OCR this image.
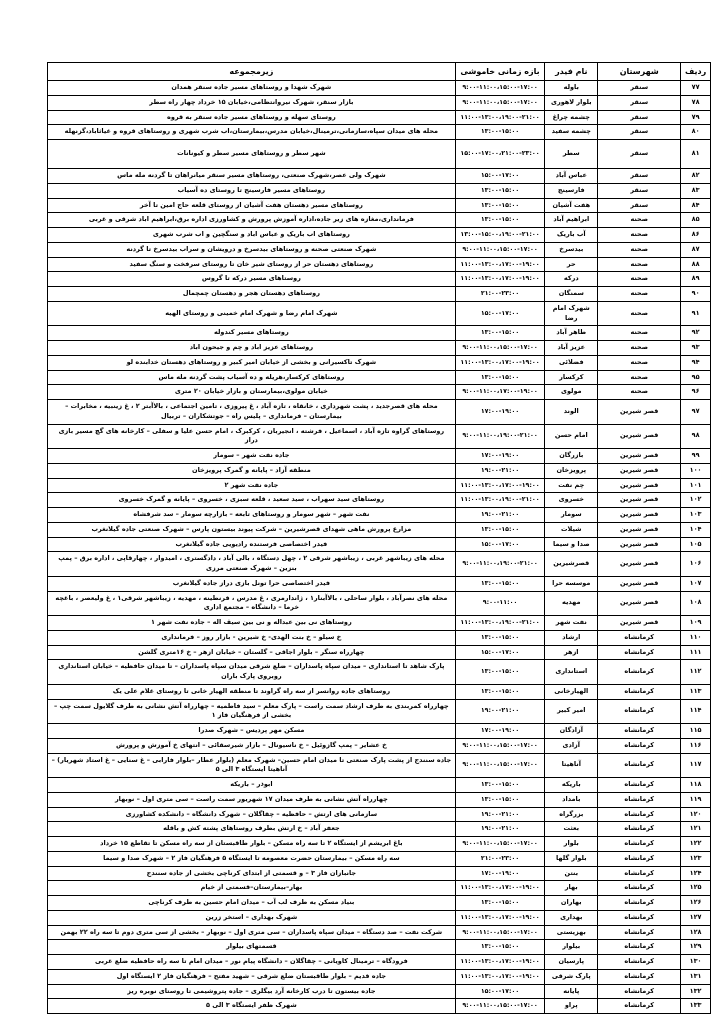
ردیف	شهرستان	نام فیدر	بازه زمانی خاموشی	زیرمجموعه
۷۷	سنقر	باوله	۹:۰۰-۱۱:۰۰،۱۵:۰۰-۱۷:۰۰	شهرک شهدا و روستاهای مسیر جاده سنقر همدان
۷۸	سنقر	بلوار لاهوری	۹:۰۰-۱۱:۰۰،۱۵:۰۰-۱۷:۰۰	بازار سنقر، شهرک نیروانتظامی،خیابان ۱۵ خرداد چهار راه سطر
۷۹	سنقر	چشمه چراغ	۱۱:۰۰-۱۳:۰۰،۱۹:۰۰-۲۱:۰۰	روستای سهله و روستاهای مسیر جاده سنقر به قروه
۸۰	سنقر	چشمه سفید	۱۳:۰۰-۱۵:۰۰	محله های میدان سپاه،سازمانی،ترمینال،خیابان مدرس،بیمارستان،اب شرب شهری و روستاهای قروه و غیاثاباد،گزنهله
۸۱	سنقر	سطر	۱۵:۰۰-۱۷:۰۰،۲۱:۰۰-۲۳:۰۰	شهر سطر و روستاهای مسیر سطر و کیونانات
۸۲	سنقر	عباس آباد	۱۵:۰۰-۱۷:۰۰	شهرک ولی عصر،شهرک صنعتی، روستاهای مسیر سنقر میانراهان تا گردنه مله ماس
۸۳	سنقر	فارسینج	۱۳:۰۰-۱۵:۰۰	روستاهای مسیر فارسینج تا روستای ده آسیاب
۸۴	سنقر	هفت آشیان	۱۳:۰۰-۱۵:۰۰	روستاهای مسیر دهستان هفت آشیان از روستای قلعه حاج امین تا آخر
۸۵	صحنه	ابراهیم آباد	۱۳:۰۰-۱۵:۰۰	فرمانداری،مغازه های زیر جاده،اداره آموزش پرورش و کشاورزی اداره برق،ابراهیم اباد شرقی و غربی
۸۶	صحنه	آب باریک	۱۳:۰۰-۱۵:۰۰،۱۹:۰۰-۲۱:۰۰	روستاهای اب باریک و عباس اباد و سنگچین و اب شرب شهری
۸۷	صحنه	بیدسرخ	۹:۰۰-۱۱:۰۰،۱۵:۰۰-۱۷:۰۰	شهرک صنعتی صحنه و روستاهای بیدسرخ و درویشان و سراب بیدسرخ تا گردنه
۸۸	صحنه	حر	۱۱:۰۰-۱۳:۰۰،۱۷:۰۰-۱۹:۰۰	روستاهای دهستان حر از روستای شیر خان تا روستای سرفخت و سنگ سفید
۸۹	صحنه	درکه	۱۱:۰۰-۱۳:۰۰،۱۷:۰۰-۱۹:۰۰	روستاهای مسیر درکه تا گروس
۹۰	صحنه	سمنگان	۲۱:۰۰-۲۳:۰۰	روستاهای دهستان هجر و دهستان چمچمال
۹۱	صحنه	شهرک امام رضا	۱۵:۰۰-۱۷:۰۰	شهرک امام رضا و شهرک امام خمینی و روستای الهیه
۹۲	صحنه	طاهر آباد	۱۳:۰۰-۱۵:۰۰	روستاهای مسیر کندوله
۹۳	صحنه	عزیز آباد	۹:۰۰-۱۱:۰۰،۱۵:۰۰-۱۷:۰۰	روستاهای عزیز اباد و چم و جیحون اباد
۹۴	صحنه	فضلائی	۱۱:۰۰-۱۳:۰۰،۱۷:۰۰-۱۹:۰۰	شهرک تاکسیرانی و بخشی از خیابان امیر کبیر و روستاهای دهستان خدابنده لو
۹۵	صحنه	کرکسار	۱۳:۰۰-۱۵:۰۰	روستاهای کرکسار،هریله و ده آسیاب پشت گردنه مله ماس
۹۶	صحنه	مولوی	۹:۰۰-۱۱:۰۰،۱۷:۰۰-۱۹:۰۰	خیابان مولوی،بیمارستان و بازار خیابان ۲۰ متری
۹۷	قصر شیرین	الوند	۱۷:۰۰-۱۹:۰۰	محله های قصرجدید ، پشت شهرداری ، خانقاه ، تازه آباد ، غ پیروزی ، تامین اجتماعی ، بالاآبتر ۲ ، غ زینبیه ، مخابرات –بیمارستان – فرمانداری – پلیس راه – جوتشکاران – تربیال
۹۸	قصر شیرین	امام حسن	۹:۰۰-۱۱:۰۰،۱۹:۰۰-۲۱:۰۰	روستاهای گراوه تازه آباد ، اسماعیل ، فرشته ، انجیربان ، کرکبرک ، امام حسن علیا و سفلی – کارخانه های گچ مسیر بازی دراز
۹۹	قصر شیرین	بازرگان	۱۷:۰۰-۱۹:۰۰	جاده نفت شهر – سومار
۱۰۰	قصر شیرین	پرویزخان	۱۹:۰۰-۲۱:۰۰	منطقه آزاد – پایانه و گمرک پرویزخان
۱۰۱	قصر شیرین	چم نفت	۱۱:۰۰-۱۳:۰۰،۱۷:۰۰-۱۹:۰۰	جاده نفت شهر ۲
۱۰۲	قصر شیرین	خسروی	۱۱:۰۰-۱۳:۰۰،۱۹:۰۰-۲۱:۰۰	روستاهای سید سهراب ، سید سعید ، قلعه سبزی ، خسروی – پایانه و گمرک خسروی
۱۰۳	قصر شیرین	سومار	۱۹:۰۰-۲۱:۰۰	نفت شهر – شهر سومار و روستاهای تابعه – بازارچه سومار – سد شرفشاه
۱۰۴	قصر شیرین	شیلات	۱۳:۰۰-۱۵:۰۰	مزارع پرورش ماهی شهدای قصرشیرین – شرکت پیوند بیستون پارس – شهرک صنعتی جاده گیلانغرب
۱۰۵	قصر شیرین	صدا و سیما	۱۵:۰۰-۱۷:۰۰	فیدر اختصاصی فرستنده رادیویی جاده گیلانغرب
۱۰۶	قصر شیرین	قصرشیرین	۹:۰۰-۱۱:۰۰،۱۹:۰۰-۲۱:۰۰	محله های زیباشهر غربی ، زیباشهر شرقی ۲ ، چهل دستگاه ، بالی آباد ، دادگستری ، امیدوار ، چهارقاپی ، اداره برق – پمپ بنزین – شهرک صنعتی مرزی
۱۰۷	قصر شیرین	موسسه حرا	۱۳:۰۰-۱۵:۰۰	فیدر اختصاصی حرا تونل بازی دراز جاده گیلانغرب
۱۰۸	قصر شیرین	مهدیه	۹:۰۰-۱۱:۰۰	محله های نصرآباد ، بلوار ساحلی ، بالاآبنار۱ ، ژاندارمری ، غ مدرس ، قرنطینه ، مهدیه ، زیباشهر شرقی۱ ، غ ولیعصر ، باغچه خرما – دانشگاه – مجتمع اداری
۱۰۹	قصر شیرین	نفت شهر	۱۱:۰۰-۱۳:۰۰،۱۹:۰۰-۲۱:۰۰	روستاهای نی بین عبداله و نی بین سیف اله – جاده نفت شهر ۱
۱۱۰	کرمانشاه	ارشاد	۱۳:۰۰-۱۵:۰۰	خ سیلو – خ بنت الهدی- خ شیرین - بازار روز – فرمانداری
۱۱۱	کرمانشاه	ازهر	۱۵:۰۰-۱۷:۰۰	چهارراه سنگر – بلوار اجاقی – گلستان – خیابان ازهر – خ ۱۶متری گلشن
۱۱۲	کرمانشاه	استانداری	۱۳:۰۰-۱۵:۰۰	پارک شاهد تا استانداری – میدان سپاه پاسداران – ضلع شرقی میدان سپاه پاسداران – تا میدان حافظیه – خیابان استانداری روبروی پارک باران
۱۱۳	کرمانشاه	الهیارخانی	۱۳:۰۰-۱۵:۰۰	روستاهای جاده روانسر از سه راه گراوند تا منطقه الهیار خانی تا روستای غلام علی یک
۱۱۴	کرمانشاه	امیر کبیر	۱۹:۰۰-۲۱:۰۰	چهارراه کمربندی به طرف ارشاد سمت راست – پارک معلم – سید فاطمیه – چهارراه آتش نشانی به طرف گلایول سمت چپ – بخشی از فرهنگیان فاز ۱
۱۱۵	کرمانشاه	آزادگان	۱۷:۰۰-۱۹:۰۰	مسکن مهر پردیس – شهرک صدرا
۱۱۶	کرمانشاه	آزادی	۹:۰۰-۱۱:۰۰،۱۵:۰۰-۱۷:۰۰	خ عشایر – پمپ گازوئیل – خ ناسیونال – بازار شیرسقائی – انتهای خ آموزش و پرورش
۱۱۷	کرمانشاه	آناهیتا	۹:۰۰-۱۱:۰۰،۱۵:۰۰-۱۷:۰۰	جاده سنندج از پشت پارک صنعتی تا میدان امام حسین– شهرک معلم (بلوار عطار –بلوار فارابی – غ سنایی – غ استاد شهریار) – آناهیتا ایستگاه ۳ الی ۵
۱۱۸	کرمانشاه	باریکه	۱۳:۰۰-۱۵:۰۰	ابوذر – باریکه
۱۱۹	کرمانشاه	بامداد	۱۳:۰۰-۱۵:۰۰	چهارراه آتش نشانی به طرف میدان ۱۷ شهریور سمت راست – سی متری اول – نوبهار
۱۲۰	کرمانشاه	بزرگراه	۱۹:۰۰-۲۱:۰۰	سازمانی های ارتش – حافظیه – چقاگلان – شهرک دانشگاه – دانشکده کشاورزی
۱۲۱	کرمانشاه	بعثت	۱۹:۰۰-۲۱:۰۰	جعفر آباد – خ ارتش بطرف روستاهای پشته کش و باقله
۱۲۲	کرمانشاه	بلوار	۹:۰۰-۱۱:۰۰،۱۵:۰۰-۱۷:۰۰	باغ ابریشم از ایستگاه ۲ تا سه راه مسکن – بلوار طاقبستان از سه راه مسکن تا تقاطع ۱۵ خرداد
۱۲۳	کرمانشاه	بلوار گلها	۲۱:۰۰-۲۳:۰۰	سه راه مسکن – بیمارستان حضرت معصومه تا ایستگاه ۵ فرهنگیان فاز ۲ – شهرک صدا و سیما
۱۲۴	کرمانشاه	بنتن	۱۷:۰۰-۱۹:۰۰	جانبازان فاز ۳ – و قسمتی از ابتدای کرناچی بخشی از جاده سنندج
۱۲۵	کرمانشاه	بهار	۱۱:۰۰-۱۳:۰۰،۱۷:۰۰-۱۹:۰۰	بهار–بیمارستان–قسمتی از خیام
۱۲۶	کرمانشاه	بهاران	۱۳:۰۰-۱۵:۰۰	بنیاد مسکن به طرف لب آب – میدان امام حسین به طرف کرناچی
۱۲۷	کرمانشاه	بهداری	۱۱:۰۰-۱۳:۰۰،۱۷:۰۰-۱۹:۰۰	شهرک بهداری – استخر زرین
۱۲۸	کرمانشاه	بهزیستی	۹:۰۰-۱۱:۰۰،۱۵:۰۰-۱۷:۰۰	شرکت نفت – صد دستگاه – میدان سپاه پاسداران – سی متری اول – نوبهار – بخشی از سی متری دوم تا سه راه ۲۲ بهمن
۱۲۹	کرمانشاه	بیلوار	۱۳:۰۰-۱۵:۰۰	قسمتهای بیلوار
۱۳۰	کرمانشاه	پارسیان	۱۱:۰۰-۱۳:۰۰،۱۷:۰۰-۱۹:۰۰	فرودگاه – ترمینال کاویانی – چقاگلان – دانشگاه پیام نور – میدان امام تا سه راه حافظیه ضلع غربی
۱۳۱	کرمانشاه	پارک شرقی	۱۱:۰۰-۱۳:۰۰،۱۷:۰۰-۱۹:۰۰	جاده قدیم – بلوار طاقبستان ضلع شرقی – شهید مفتح – فرهنگیان فاز ۲ ایستگاه اول
۱۳۲	کرمانشاه	پایانه	۱۵:۰۰-۱۷:۰۰	جاده بیستون تا درب کارخانه آرد بیگلری – جاده پتروشیمی تا روستای نوبره ریز
۱۳۳	کرمانشاه	پراو	۹:۰۰-۱۱:۰۰،۱۵:۰۰-۱۷:۰۰	شهرک ظفر ایستگاه ۳ الی ۵
